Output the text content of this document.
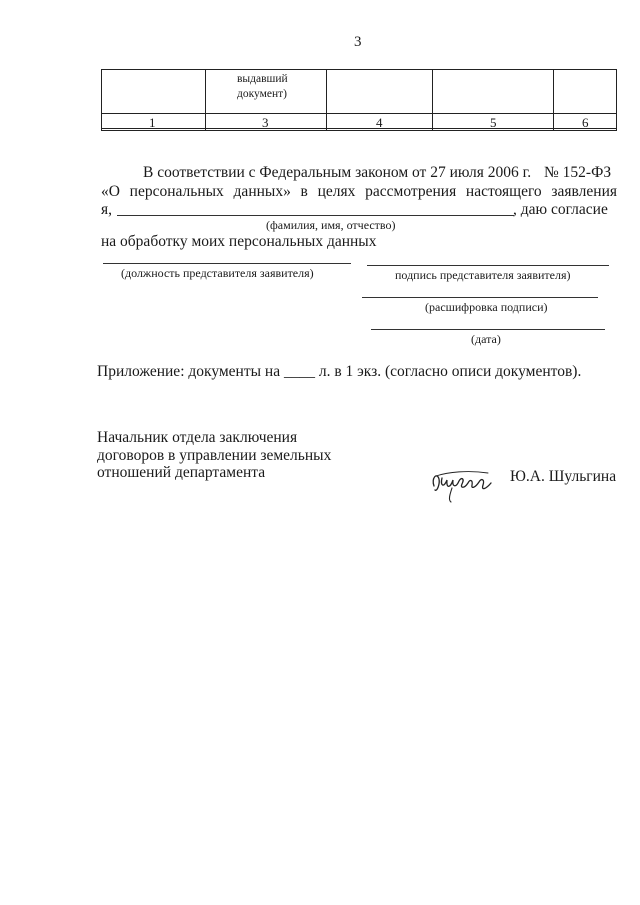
3
выдавший
документ)
1	3	4	5	6
В соответствии с Федеральным законом от 27 июля 2006 г. № 152-ФЗ
«О персональных данных» в целях рассмотрения настоящего заявления
я,	, даю согласие
(фамилия, имя, отчество)
на обработку моих персональных данных
(должность представителя заявителя)	подпись представителя заявителя)
(расшифровка подписи)
(дата)
Приложение: документы на ____ л. в 1 экз. (согласно описи документов).
Начальник отдела заключения
договоров в управлении земельных
отношений департамента	Ю.А. Шульгина
